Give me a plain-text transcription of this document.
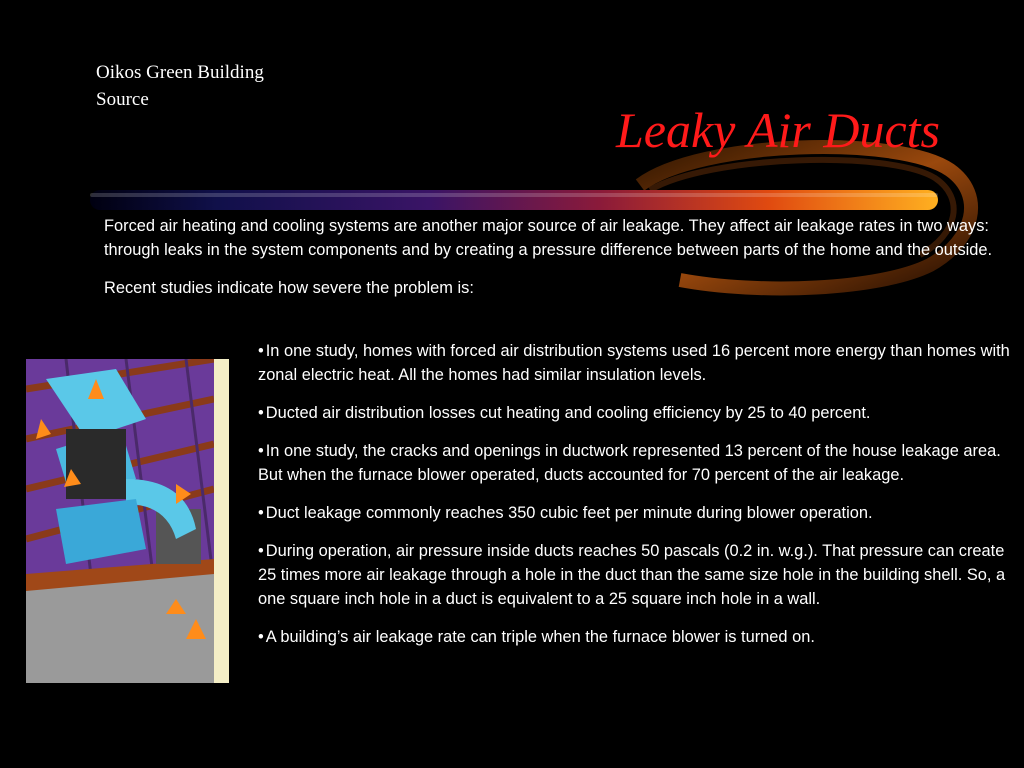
Oikos Green Building
Source
Leaky Air Ducts

Forced air heating and cooling systems are another major source of air leakage. They affect air leakage rates in two ways: through leaks in the system components and by creating a pressure difference between parts of the home and the outside.

Recent studies indicate how severe the problem is:

• In one study, homes with forced air distribution systems used 16 percent more energy than homes with zonal electric heat. All the homes had similar insulation levels.
• Ducted air distribution losses cut heating and cooling efficiency by 25 to 40 percent.
• In one study, the cracks and openings in ductwork represented 13 percent of the house leakage area. But when the furnace blower operated, ducts accounted for 70 percent of the air leakage.
• Duct leakage commonly reaches 350 cubic feet per minute during blower operation.
• During operation, air pressure inside ducts reaches 50 pascals (0.2 in. w.g.). That pressure can create 25 times more air leakage through a hole in the duct than the same size hole in the building shell. So, a one square inch hole in a duct is equivalent to a 25 square inch hole in a wall.
• A building’s air leakage rate can triple when the furnace blower is turned on.
